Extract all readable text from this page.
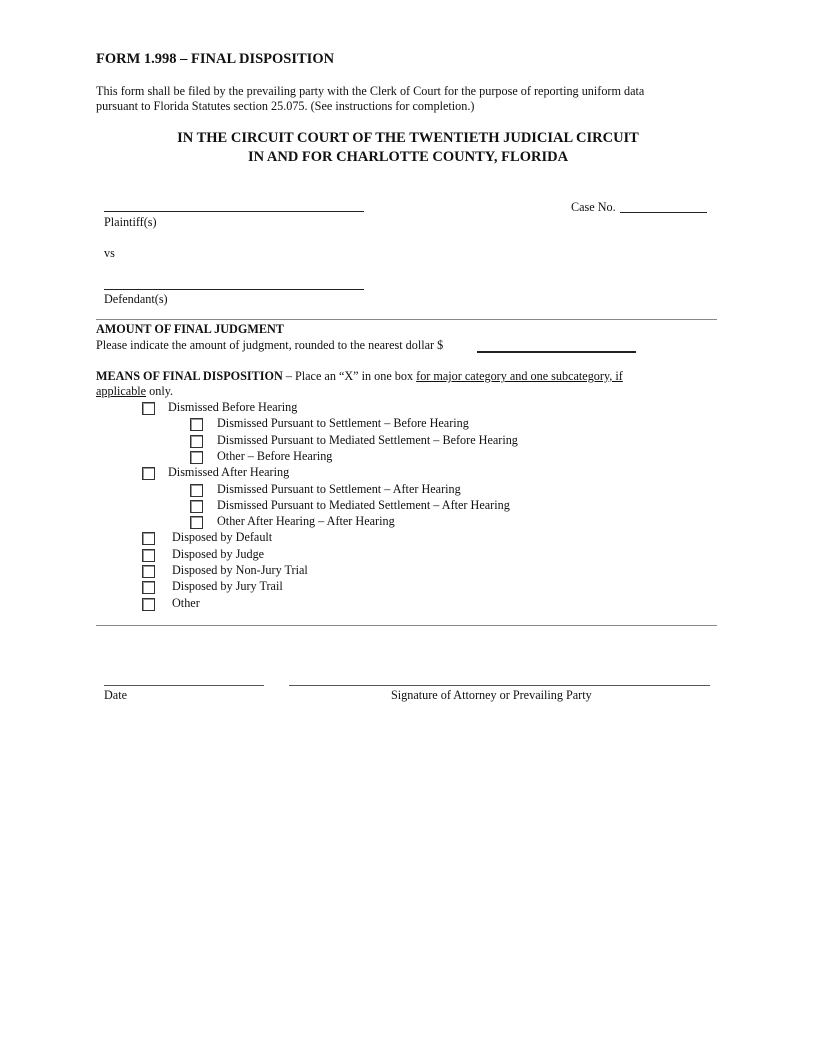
FORM 1.998 – FINAL DISPOSITION
This form shall be filed by the prevailing party with the Clerk of Court for the purpose of reporting uniform data
pursuant to Florida Statutes section 25.075. (See instructions for completion.)
IN THE CIRCUIT COURT OF THE TWENTIETH JUDICIAL CIRCUIT
IN AND FOR CHARLOTTE COUNTY, FLORIDA
Plaintiff(s)
Case No.
vs
Defendant(s)
AMOUNT OF FINAL JUDGMENT
Please indicate the amount of judgment, rounded to the nearest dollar $
MEANS OF FINAL DISPOSITION – Place an “X” in one box for major category and one subcategory, if
applicable only.
Dismissed Before Hearing
Dismissed Pursuant to Settlement – Before Hearing
Dismissed Pursuant to Mediated Settlement – Before Hearing
Other – Before Hearing
Dismissed After Hearing
Dismissed Pursuant to Settlement – After Hearing
Dismissed Pursuant to Mediated Settlement – After Hearing
Other After Hearing – After Hearing
Disposed by Default
Disposed by Judge
Disposed by Non-Jury Trial
Disposed by Jury Trail
Other
Date	Signature of Attorney or Prevailing Party
